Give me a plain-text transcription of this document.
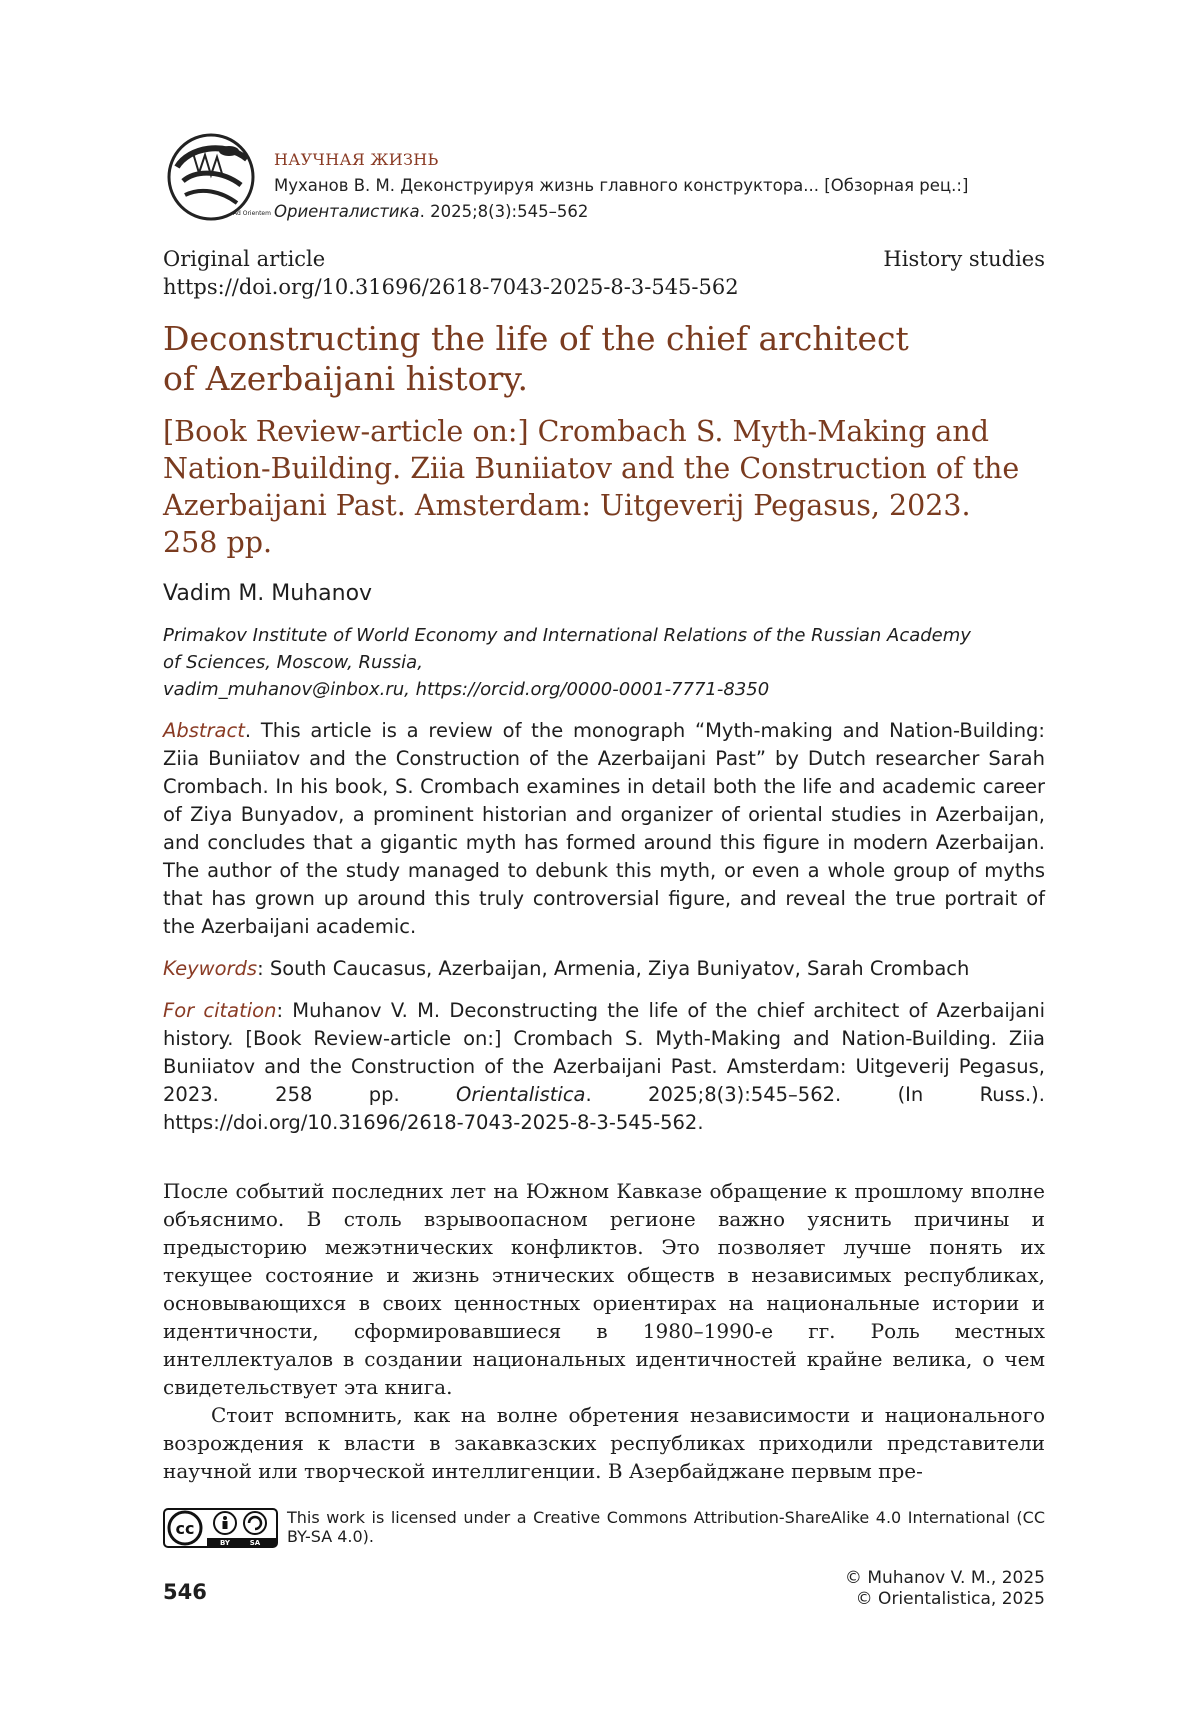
Ad Orientem
НАУЧНАЯ ЖИЗНЬ
Муханов В. М. Деконструируя жизнь главного конструктора... [Обзорная рец.:]
Ориенталистика. 2025;8(3):545–562
Original article
https://doi.org/10.31696/2618-7043-2025-8-3-545-562
History studies
Deconstructing the life of the chief architect
of Azerbaijani history.
[Book Review-article on:] Crombach S. Myth-Making and
Nation-Building. Ziia Buniiatov and the Construction of the
Azerbaijani Past. Amsterdam: Uitgeverij Pegasus, 2023.
258 pp.
Vadim M. Muhanov
Primakov Institute of World Economy and International Relations of the Russian Academy
of Sciences, Moscow, Russia,
vadim_muhanov@inbox.ru, https://orcid.org/0000-0001-7771-8350
Abstract. This article is a review of the monograph “Myth-making and Nation-Building: Ziia Buniiatov and the Construction of the Azerbaijani Past” by Dutch researcher Sarah Crombach. In his book, S. Crombach examines in detail both the life and academic career of Ziya Bunyadov, a prominent historian and organizer of oriental studies in Azerbaijan, and concludes that a gigantic myth has formed around this figure in modern Azerbaijan. The author of the study managed to debunk this myth, or even a whole group of myths that has grown up around this truly controversial figure, and reveal the true portrait of the Azerbaijani academic.
Keywords: South Caucasus, Azerbaijan, Armenia, Ziya Buniyatov, Sarah Crombach
For citation: Muhanov V. M. Deconstructing the life of the chief architect of Azerbaijani history. [Book Review-article on:] Crombach S. Myth-Making and Nation-Building. Ziia Buniiatov and the Construction of the Azerbaijani Past. Amsterdam: Uitgeverij Pegasus, 2023. 258 pp. Orientalistica. 2025;8(3):545–562. (In Russ.). https://doi.org/10.31696/2618-7043-2025-8-3-545-562.

После событий последних лет на Южном Кавказе обращение к прошлому вполне объяснимо. В столь взрывоопасном регионе важно уяснить причины и предысторию межэтнических конфликтов. Это позволяет лучше понять их текущее состояние и жизнь этнических обществ в независимых республиках, основывающихся в своих ценностных ориентирах на национальные истории и идентичности, сформировавшиеся в 1980–1990-е гг. Роль местных интеллектуалов в создании национальных идентичностей крайне велика, о чем свидетельствует эта книга.

Стоит вспомнить, как на волне обретения независимости и национального возрождения к власти в закавказских республиках приходили представители научной или творческой интеллигенции. В Азербайджане первым пре-

cc
BY	SA
This work is licensed under a Creative Commons Attribution-ShareAlike 4.0 International (CC BY-SA 4.0).
546
© Muhanov V. M., 2025
© Orientalistica, 2025
